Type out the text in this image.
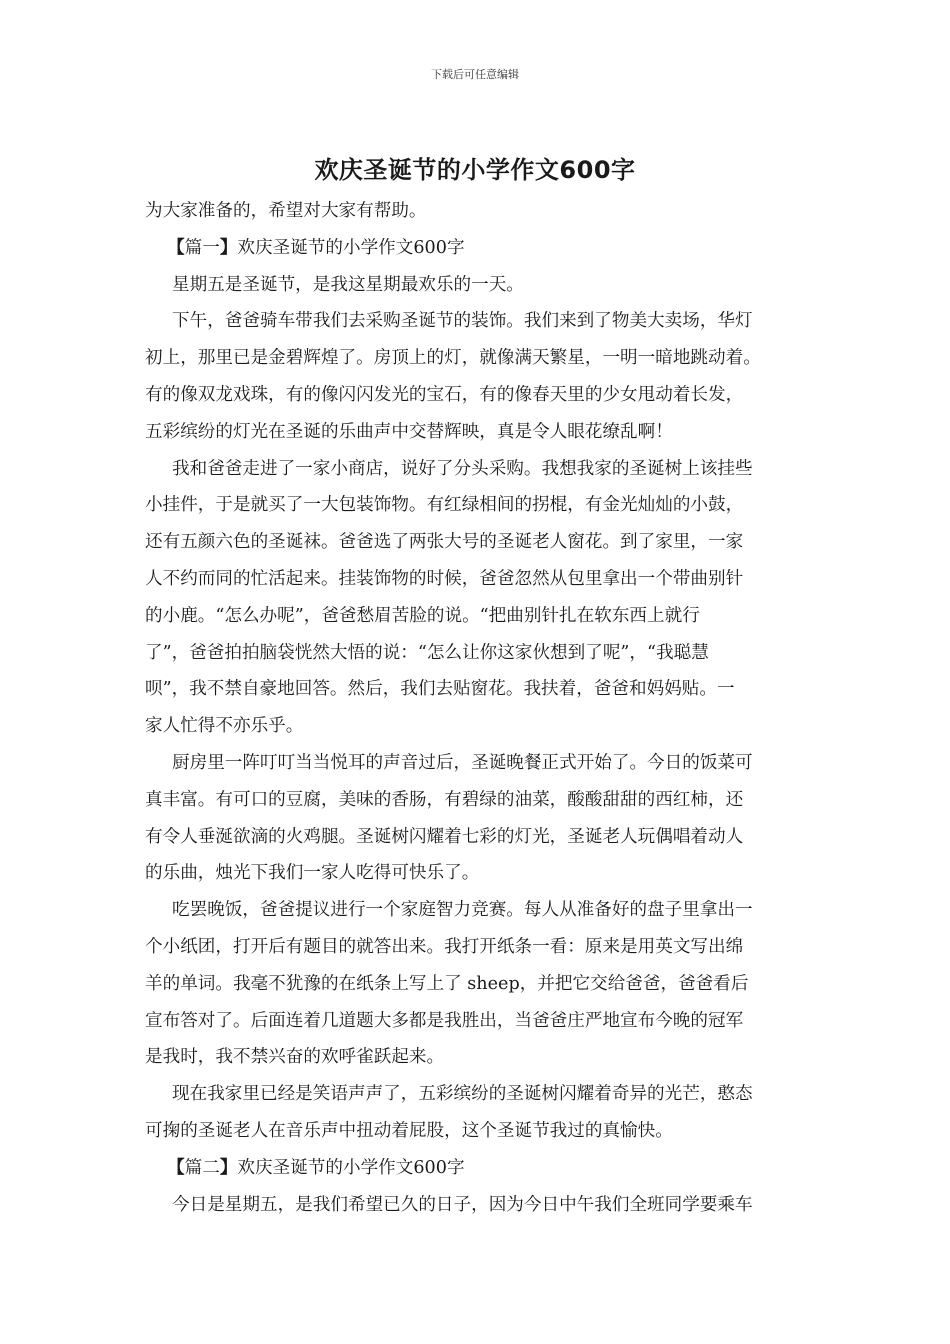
下载后可任意编辑
欢庆圣诞节的小学作文600字
为大家准备的，希望对大家有帮助。
【篇一】欢庆圣诞节的小学作文600字
星期五是圣诞节，是我这星期最欢乐的一天。
下午，爸爸骑车带我们去采购圣诞节的装饰。我们来到了物美大卖场，华灯
初上，那里已是金碧辉煌了。房顶上的灯，就像满天繁星，一明一暗地跳动着。
有的像双龙戏珠，有的像闪闪发光的宝石，有的像春天里的少女甩动着长发，
五彩缤纷的灯光在圣诞的乐曲声中交替辉映，真是令人眼花缭乱啊！
我和爸爸走进了一家小商店，说好了分头采购。我想我家的圣诞树上该挂些
小挂件，于是就买了一大包装饰物。有红绿相间的拐棍，有金光灿灿的小鼓，
还有五颜六色的圣诞袜。爸爸选了两张大号的圣诞老人窗花。到了家里，一家
人不约而同的忙活起来。挂装饰物的时候，爸爸忽然从包里拿出一个带曲别针
的小鹿。“怎么办呢”，爸爸愁眉苦脸的说。“把曲别针扎在软东西上就行
了”，爸爸拍拍脑袋恍然大悟的说：“怎么让你这家伙想到了呢”，“我聪慧
呗”，我不禁自豪地回答。然后，我们去贴窗花。我扶着，爸爸和妈妈贴。一
家人忙得不亦乐乎。
厨房里一阵叮叮当当悦耳的声音过后，圣诞晚餐正式开始了。今日的饭菜可
真丰富。有可口的豆腐，美味的香肠，有碧绿的油菜，酸酸甜甜的西红柿，还
有令人垂涎欲滴的火鸡腿。圣诞树闪耀着七彩的灯光，圣诞老人玩偶唱着动人
的乐曲，烛光下我们一家人吃得可快乐了。
吃罢晚饭，爸爸提议进行一个家庭智力竞赛。每人从准备好的盘子里拿出一
个小纸团，打开后有题目的就答出来。我打开纸条一看：原来是用英文写出绵
羊的单词。我毫不犹豫的在纸条上写上了 sheep，并把它交给爸爸，爸爸看后
宣布答对了。后面连着几道题大多都是我胜出，当爸爸庄严地宣布今晚的冠军
是我时，我不禁兴奋的欢呼雀跃起来。
现在我家里已经是笑语声声了，五彩缤纷的圣诞树闪耀着奇异的光芒，憨态
可掬的圣诞老人在音乐声中扭动着屁股，这个圣诞节我过的真愉快。
【篇二】欢庆圣诞节的小学作文600字
今日是星期五，是我们希望已久的日子，因为今日中午我们全班同学要乘车
